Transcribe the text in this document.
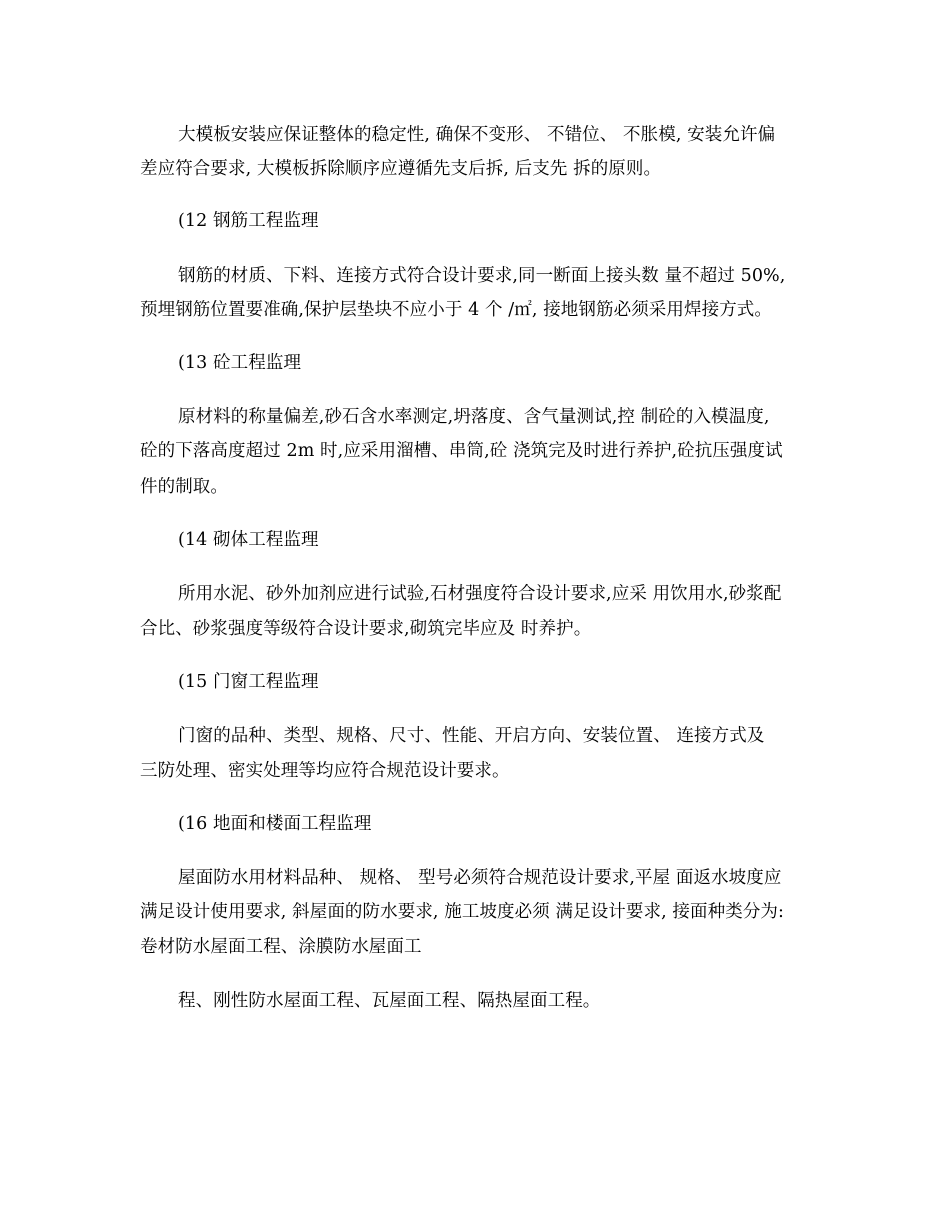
大模板安装应保证整体的稳定性, 确保不变形、 不错位、 不胀模, 安装允许偏
差应符合要求, 大模板拆除顺序应遵循先支后拆, 后支先 拆的原则。
(12 钢筋工程监理
钢筋的材质、下料、连接方式符合设计要求,同一断面上接头数 量不超过 50%,
预埋钢筋位置要准确,保护层垫块不应小于 4 个 /㎡, 接地钢筋必须采用焊接方式。
(13 砼工程监理
原材料的称量偏差,砂石含水率测定,坍落度、含气量测试,控 制砼的入模温度,
砼的下落高度超过 2m 时,应采用溜槽、串筒,砼 浇筑完及时进行养护,砼抗压强度试
件的制取。
(14 砌体工程监理
所用水泥、砂外加剂应进行试验,石材强度符合设计要求,应采 用饮用水,砂浆配
合比、砂浆强度等级符合设计要求,砌筑完毕应及 时养护。
(15 门窗工程监理
门窗的品种、类型、规格、尺寸、性能、开启方向、安装位置、 连接方式及
三防处理、密实处理等均应符合规范设计要求。
(16 地面和楼面工程监理
屋面防水用材料品种、 规格、 型号必须符合规范设计要求,平屋 面返水坡度应
满足设计使用要求, 斜屋面的防水要求, 施工坡度必须 满足设计要求, 接面种类分为:
卷材防水屋面工程、涂膜防水屋面工
程、刚性防水屋面工程、瓦屋面工程、隔热屋面工程。
